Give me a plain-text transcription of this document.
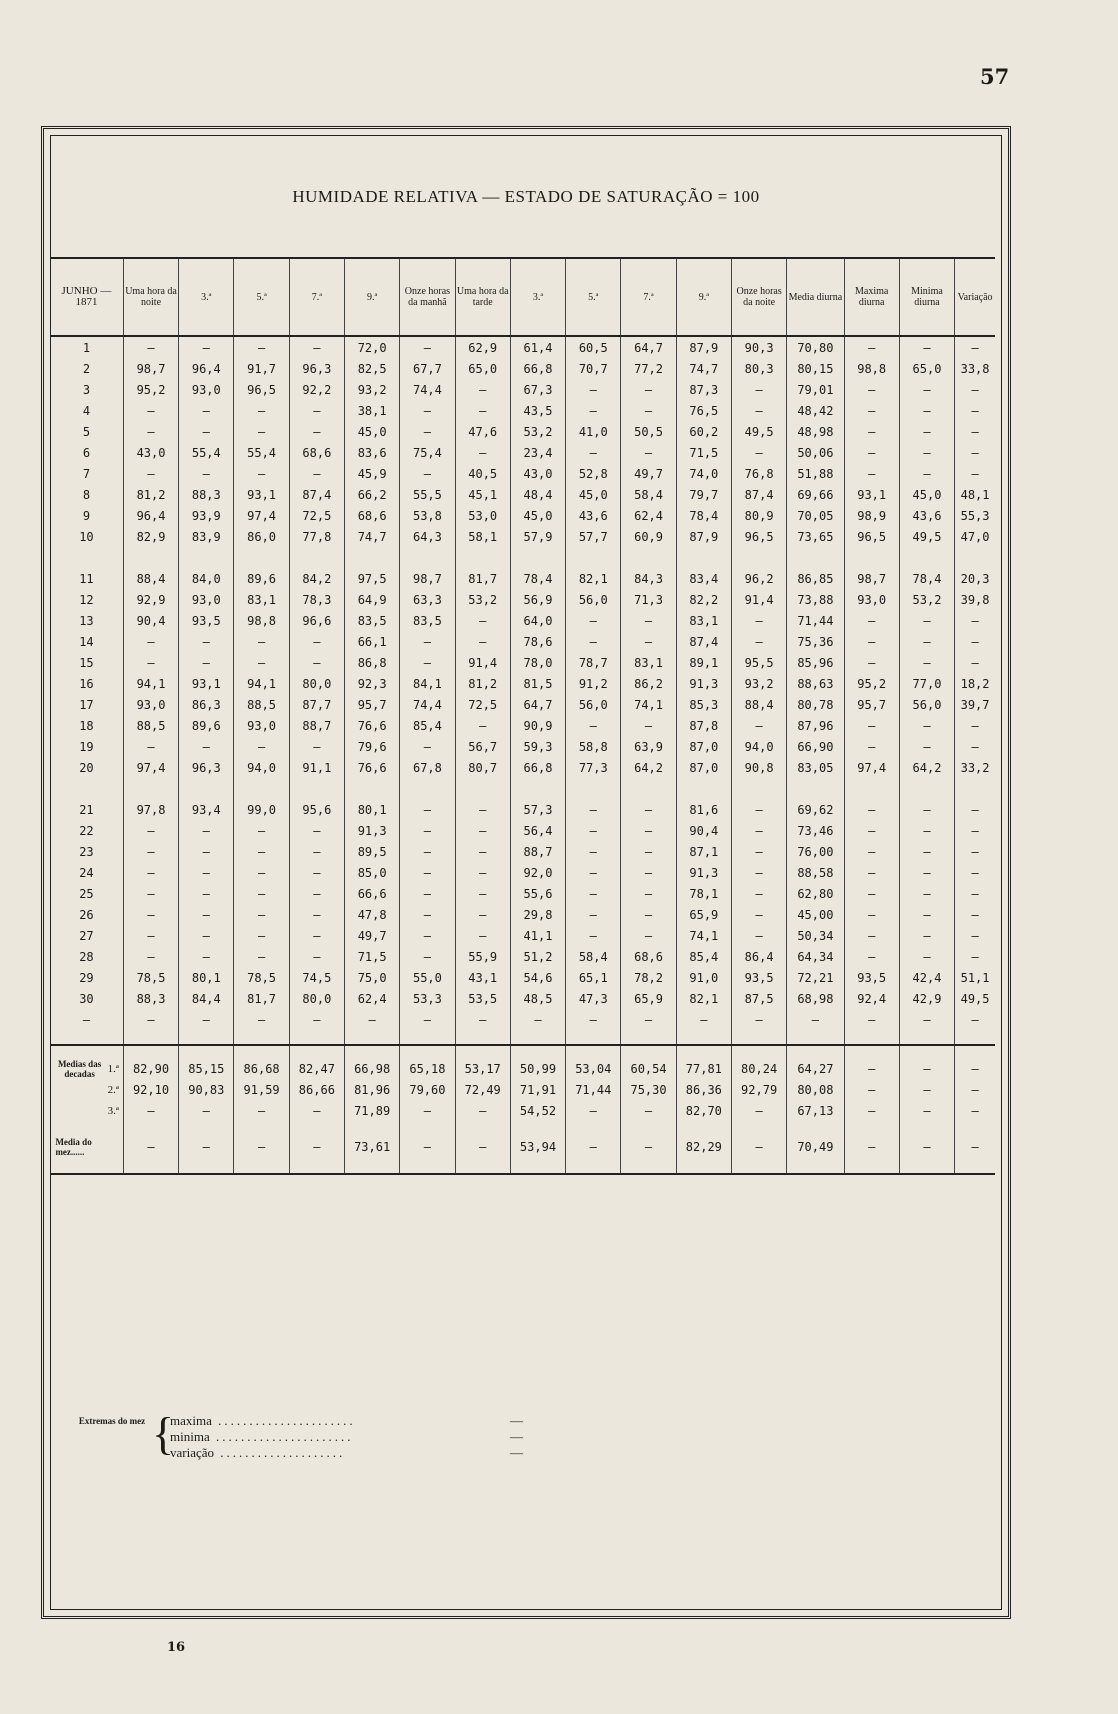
57
HUMIDADE RELATIVA — ESTADO DE SATURAÇÃO = 100
JUNHO — 1871	Uma hora da noite	3.ª	5.ª	7.ª	9.ª	Onze horas da manhã	Uma hora da tarde	3.ª	5.ª	7.ª	9.ª	Onze horas da noite	Media diurna	Maxima diurna	Minima diurna	Variação
1	—	—	—	—	72,0	—	62,9	61,4	60,5	64,7	87,9	90,3	70,80	—	—	—
2	98,7	96,4	91,7	96,3	82,5	67,7	65,0	66,8	70,7	77,2	74,7	80,3	80,15	98,8	65,0	33,8
3	95,2	93,0	96,5	92,2	93,2	74,4	—	67,3	—	—	87,3	—	79,01	—	—	—
4	—	—	—	—	38,1	—	—	43,5	—	—	76,5	—	48,42	—	—	—
5	—	—	—	—	45,0	—	47,6	53,2	41,0	50,5	60,2	49,5	48,98	—	—	—
6	43,0	55,4	55,4	68,6	83,6	75,4	—	23,4	—	—	71,5	—	50,06	—	—	—
7	—	—	—	—	45,9	—	40,5	43,0	52,8	49,7	74,0	76,8	51,88	—	—	—
8	81,2	88,3	93,1	87,4	66,2	55,5	45,1	48,4	45,0	58,4	79,7	87,4	69,66	93,1	45,0	48,1
9	96,4	93,9	97,4	72,5	68,6	53,8	53,0	45,0	43,6	62,4	78,4	80,9	70,05	98,9	43,6	55,3
10	82,9	83,9	86,0	77,8	74,7	64,3	58,1	57,9	57,7	60,9	87,9	96,5	73,65	96,5	49,5	47,0

11	88,4	84,0	89,6	84,2	97,5	98,7	81,7	78,4	82,1	84,3	83,4	96,2	86,85	98,7	78,4	20,3
12	92,9	93,0	83,1	78,3	64,9	63,3	53,2	56,9	56,0	71,3	82,2	91,4	73,88	93,0	53,2	39,8
13	90,4	93,5	98,8	96,6	83,5	83,5	—	64,0	—	—	83,1	—	71,44	—	—	—
14	—	—	—	—	66,1	—	—	78,6	—	—	87,4	—	75,36	—	—	—
15	—	—	—	—	86,8	—	91,4	78,0	78,7	83,1	89,1	95,5	85,96	—	—	—
16	94,1	93,1	94,1	80,0	92,3	84,1	81,2	81,5	91,2	86,2	91,3	93,2	88,63	95,2	77,0	18,2
17	93,0	86,3	88,5	87,7	95,7	74,4	72,5	64,7	56,0	74,1	85,3	88,4	80,78	95,7	56,0	39,7
18	88,5	89,6	93,0	88,7	76,6	85,4	—	90,9	—	—	87,8	—	87,96	—	—	—
19	—	—	—	—	79,6	—	56,7	59,3	58,8	63,9	87,0	94,0	66,90	—	—	—
20	97,4	96,3	94,0	91,1	76,6	67,8	80,7	66,8	77,3	64,2	87,0	90,8	83,05	97,4	64,2	33,2

21	97,8	93,4	99,0	95,6	80,1	—	—	57,3	—	—	81,6	—	69,62	—	—	—
22	—	—	—	—	91,3	—	—	56,4	—	—	90,4	—	73,46	—	—	—
23	—	—	—	—	89,5	—	—	88,7	—	—	87,1	—	76,00	—	—	—
24	—	—	—	—	85,0	—	—	92,0	—	—	91,3	—	88,58	—	—	—
25	—	—	—	—	66,6	—	—	55,6	—	—	78,1	—	62,80	—	—	—
26	—	—	—	—	47,8	—	—	29,8	—	—	65,9	—	45,00	—	—	—
27	—	—	—	—	49,7	—	—	41,1	—	—	74,1	—	50,34	—	—	—
28	—	—	—	—	71,5	—	55,9	51,2	58,4	68,6	85,4	86,4	64,34	—	—	—
29	78,5	80,1	78,5	74,5	75,0	55,0	43,1	54,6	65,1	78,2	91,0	93,5	72,21	93,5	42,4	51,1
30	88,3	84,4	81,7	80,0	62,4	53,3	53,5	48,5	47,3	65,9	82,1	87,5	68,98	92,4	42,9	49,5
—	—	—	—	—	—	—	—	—	—	—	—	—	—	—	—	—

Medias das decadas 1.ª	82,90	85,15	86,68	82,47	66,98	65,18	53,17	50,99	53,04	60,54	77,81	80,24	64,27	—	—	—

2.ª	92,10	90,83	91,59	86,66	81,96	79,60	72,49	71,91	71,44	75,30	86,36	92,79	80,08	—	—	—

3.ª	—	—	—	—	71,89	—	—	54,52	—	—	82,70	—	67,13	—	—	—
Media do mez......	—	—	—	—	73,61	—	—	53,94	—	—	82,29	—	70,49	—	—	—
Extremas do mez {
maxima ......................	—
minima ......................	—
variação ....................	—
16
